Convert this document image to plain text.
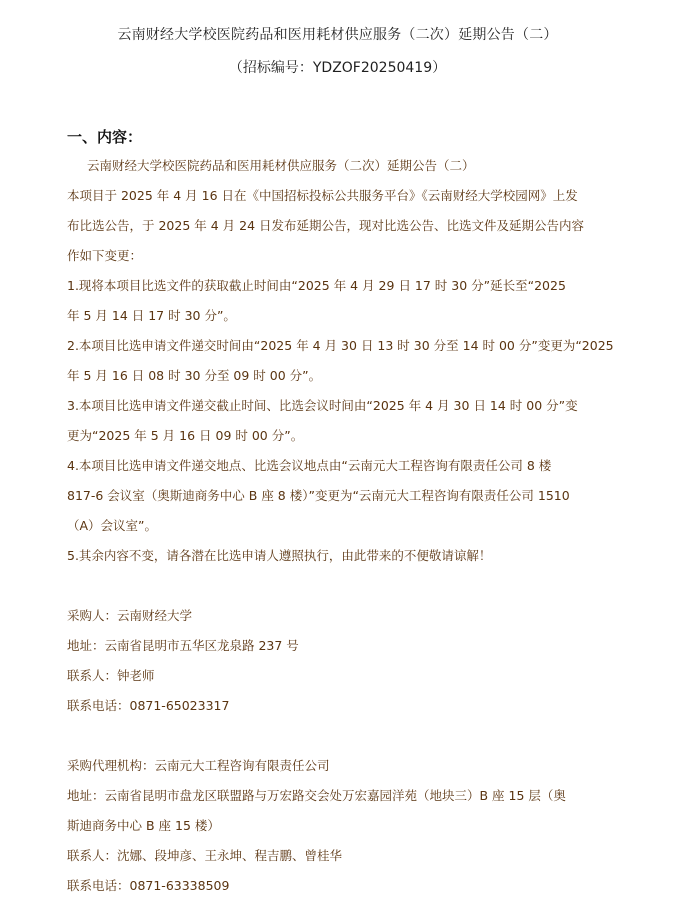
云南财经大学校医院药品和医用耗材供应服务（二次）延期公告（二）
（招标编号：YDZOF20250419）
一、内容：
云南财经大学校医院药品和医用耗材供应服务（二次）延期公告（二）
本项目于 2025 年 4 月 16 日在《中国招标投标公共服务平台》《云南财经大学校园网》上发
布比选公告，于 2025 年 4 月 24 日发布延期公告，现对比选公告、比选文件及延期公告内容
作如下变更：
1.现将本项目比选文件的获取截止时间由“2025 年 4 月 29 日 17 时 30 分”延长至“2025
年 5 月 14 日 17 时 30 分”。
2.本项目比选申请文件递交时间由“2025 年 4 月 30 日 13 时 30 分至 14 时 00 分”变更为“2025
年 5 月 16 日 08 时 30 分至 09 时 00 分”。
3.本项目比选申请文件递交截止时间、比选会议时间由“2025 年 4 月 30 日 14 时 00 分”变
更为“2025 年 5 月 16 日 09 时 00 分”。
4.本项目比选申请文件递交地点、比选会议地点由“云南元大工程咨询有限责任公司 8 楼
817-6 会议室（奥斯迪商务中心 B 座 8 楼）”变更为“云南元大工程咨询有限责任公司 1510
（A）会议室”。
5.其余内容不变，请各潜在比选申请人遵照执行，由此带来的不便敬请谅解！
采购人：云南财经大学
地址：云南省昆明市五华区龙泉路 237 号
联系人：钟老师
联系电话：0871-65023317
采购代理机构：云南元大工程咨询有限责任公司
地址：云南省昆明市盘龙区联盟路与万宏路交会处万宏嘉园洋苑（地块三）B 座 15 层（奥
斯迪商务中心 B 座 15 楼）
联系人：沈娜、段坤彦、王永坤、程吉鹏、曾桂华
联系电话：0871-63338509
